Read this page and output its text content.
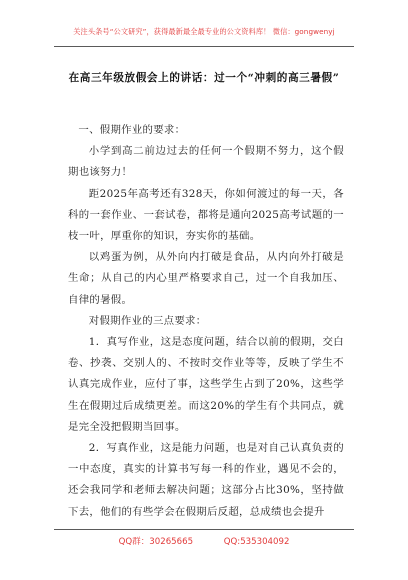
关注头条号“公文研究”，获得最新最全最专业的公文资料库！ 微信：gongwenyj
在高三年级放假会上的讲话：过一个“冲刺的高三暑假”

一、假期作业的要求：

小学到高二前边过去的任何一个假期不努力，这个假期也该努力！

距2025年高考还有328天，你如何渡过的每一天，各科的一套作业、一套试卷，都将是通向2025高考试题的一枝一叶，厚重你的知识，夯实你的基础。

以鸡蛋为例，从外向内打破是食品，从内向外打破是生命；从自己的内心里严格要求自己，过一个自我加压、自律的暑假。

对假期作业的三点要求：

1．真写作业，这是态度问题，结合以前的假期，交白卷、抄袭、交别人的、不按时交作业等等，反映了学生不认真完成作业，应付了事，这些学生占到了20%，这些学生在假期过后成绩更差。而这20%的学生有个共同点，就是完全没把假期当回事。

2．写真作业，这是能力问题，也是对自己认真负责的一中态度，真实的计算书写每一科的作业，遇见不会的，还会我同学和老师去解决问题；这部分占比30%，坚持做下去，他们的有些学会在假期后反超，总成绩也会提升

QQ群：30265665	QQ:535304092
